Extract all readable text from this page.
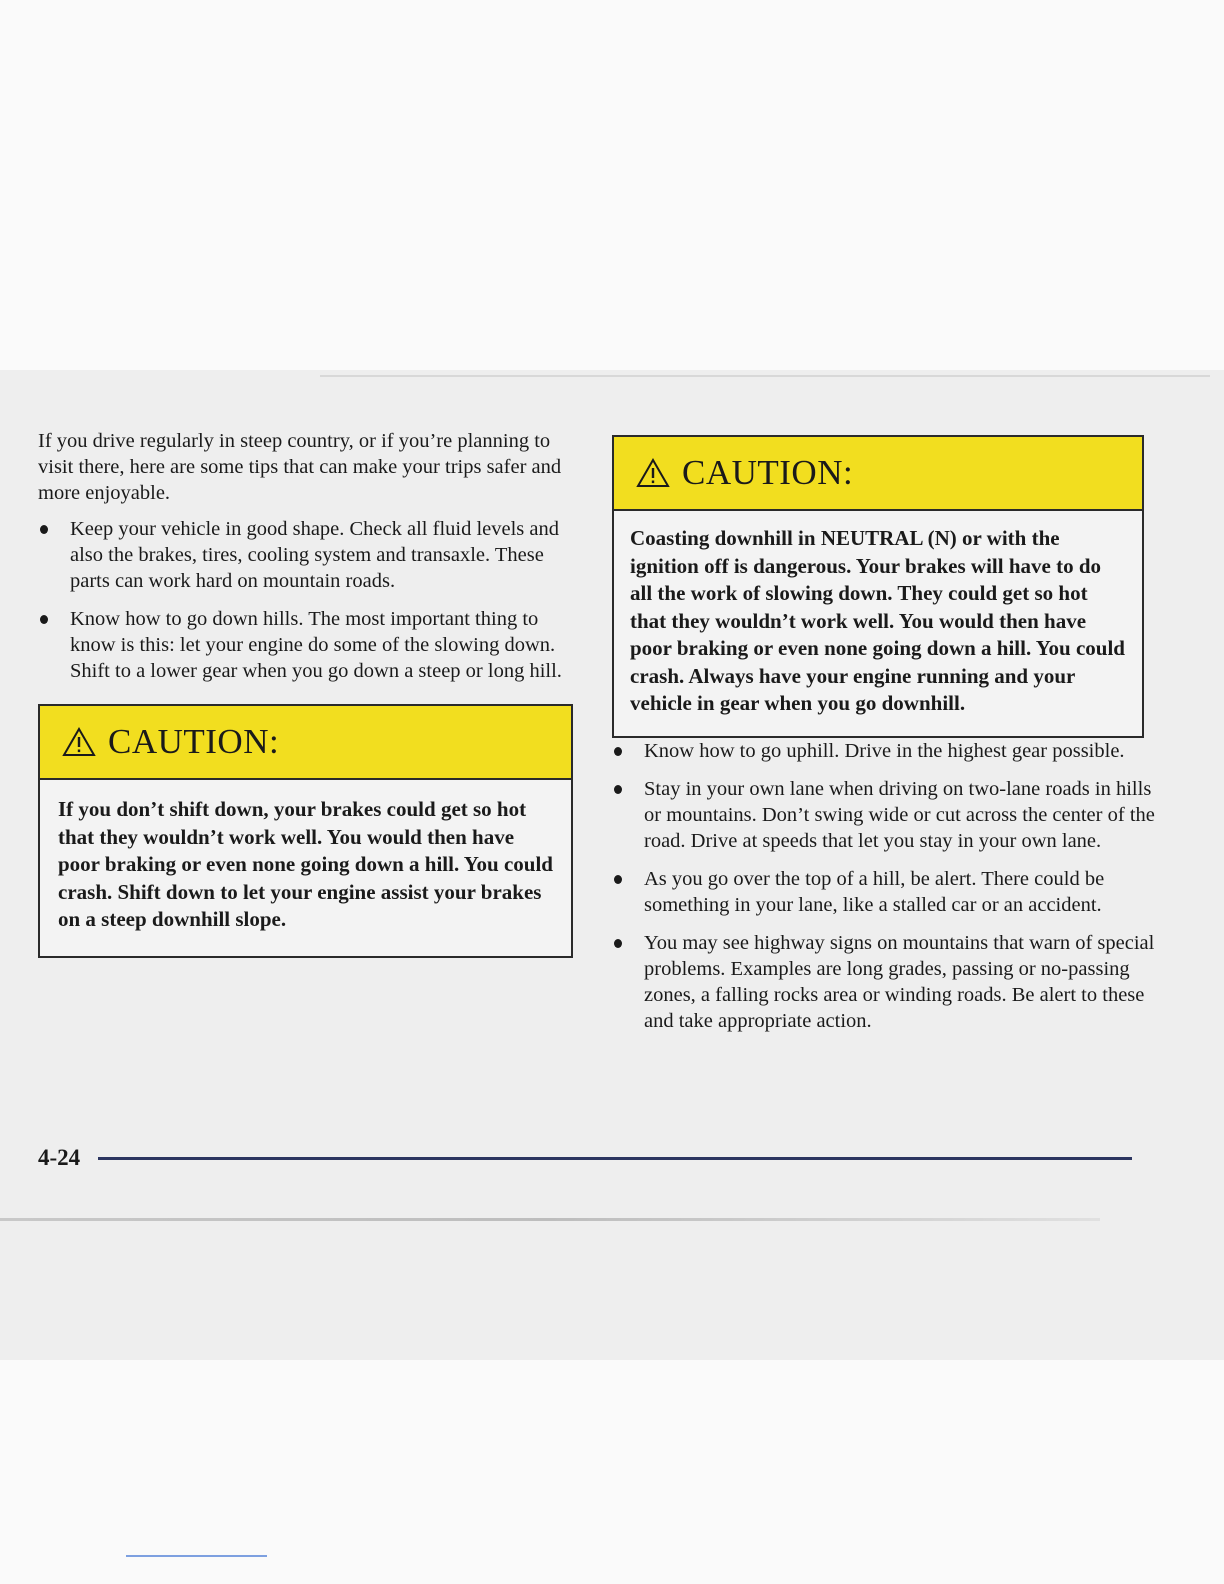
If you drive regularly in steep country, or if you’re planning to visit there, here are some tips that can make your trips safer and more enjoyable.

Keep your vehicle in good shape. Check all fluid levels and also the brakes, tires, cooling system and transaxle. These parts can work hard on mountain roads.
Know how to go down hills. The most important thing to know is this: let your engine do some of the slowing down. Shift to a lower gear when you go down a steep or long hill.
CAUTION:
If you don’t shift down, your brakes could get so hot that they wouldn’t work well. You would then have poor braking or even none going down a hill. You could crash. Shift down to let your engine assist your brakes on a steep downhill slope.
CAUTION:
Coasting downhill in NEUTRAL (N) or with the ignition off is dangerous. Your brakes will have to do all the work of slowing down. They could get so hot that they wouldn’t work well. You would then have poor braking or even none going down a hill. You could crash. Always have your engine running and your vehicle in gear when you go downhill.
Know how to go uphill. Drive in the highest gear possible.
Stay in your own lane when driving on two-lane roads in hills or mountains. Don’t swing wide or cut across the center of the road. Drive at speeds that let you stay in your own lane.
As you go over the top of a hill, be alert. There could be something in your lane, like a stalled car or an accident.
You may see highway signs on mountains that warn of special problems. Examples are long grades, passing or no-passing zones, a falling rocks area or winding roads. Be alert to these and take appropriate action.
4-24
